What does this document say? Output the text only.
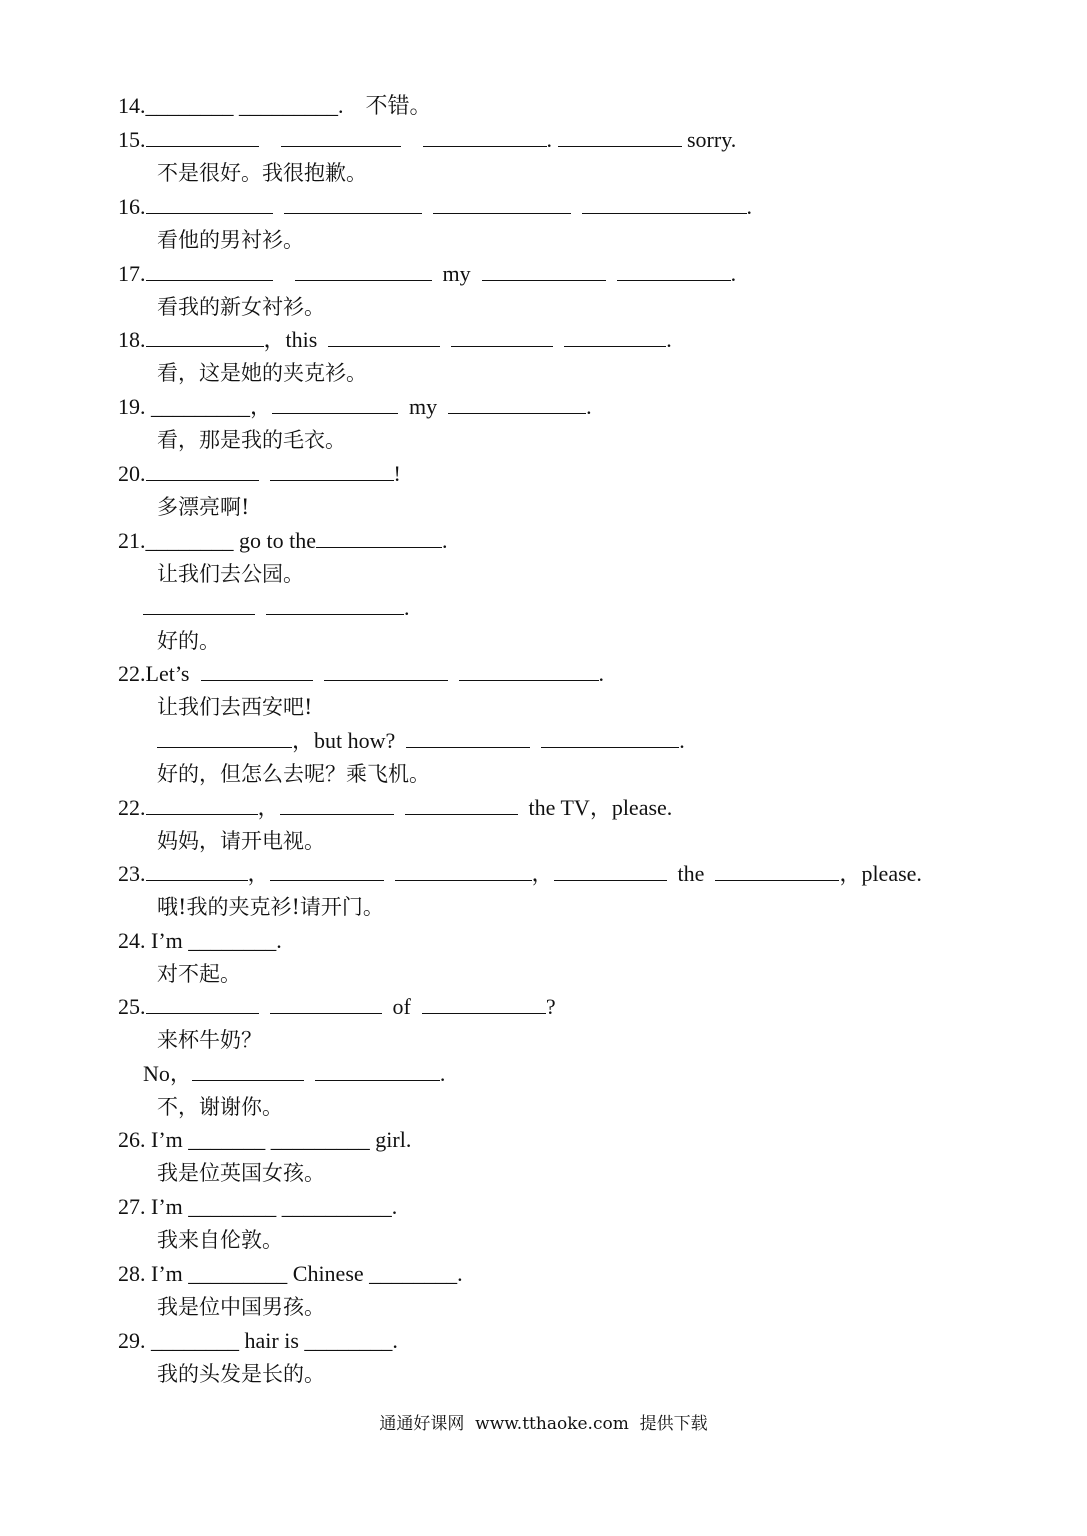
14.________ _________.    不错。
15.	.	sorry.
不是很好。我很抱歉。
16.	.
看他的男衬衫。
17.	my	.
看我的新女衬衫。
18.	，this	.
看，这是她的夹克衫。
19. _________，	my	.
看，那是我的毛衣。
20.	!
多漂亮啊!
21.________ go to the	.
让我们去公园。
.
好的。
22.Let’s	.
让我们去西安吧!
，but how?	.
好的，但怎么去呢？乘飞机。
22.	，	the TV，please.
妈妈，请开电视。
23.	，	，	the	，please.
哦!我的夹克衫!请开门。
24. I’m ________.
对不起。
25.	of	?
来杯牛奶？
No，	.
不，谢谢你。
26. I’m _______ _________ girl.
我是位英国女孩。
27. I’m ________ __________.
我来自伦敦。
28. I’m _________ Chinese ________.
我是位中国男孩。
29. ________ hair is ________.
我的头发是长的。
通通好课网  www.tthaoke.com  提供下载
